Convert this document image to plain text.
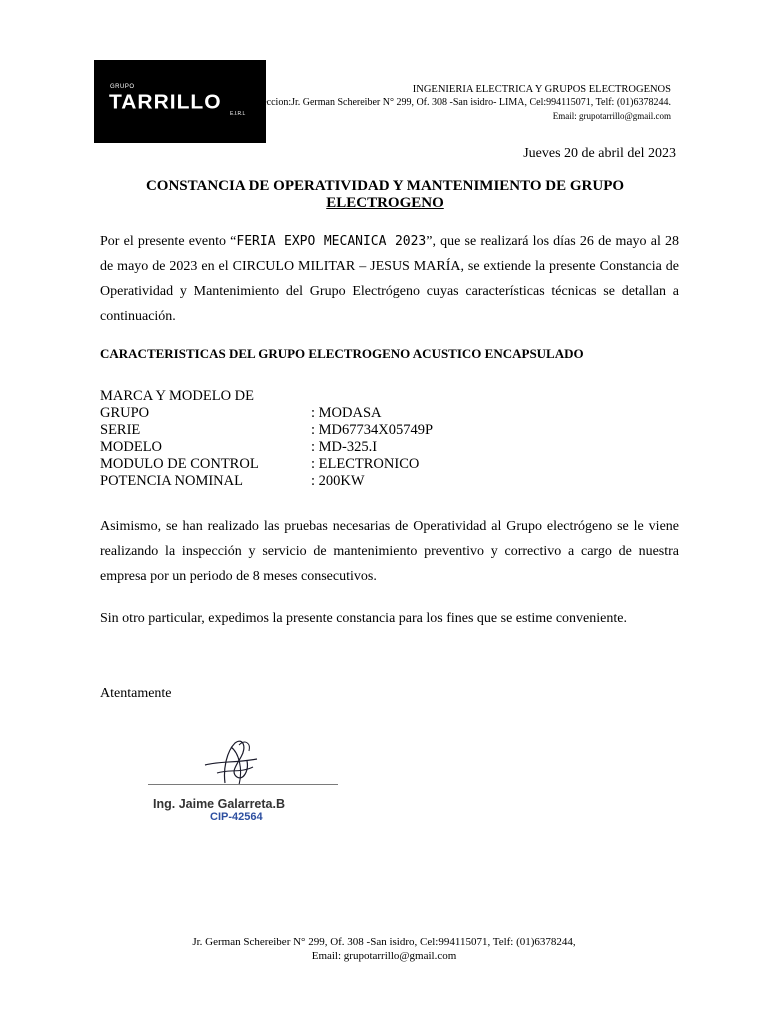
GRUPO
TARRILLO
E.I.R.L
INGENIERIA ELECTRICA Y GRUPOS ELECTROGENOS
Direccion:Jr. German Schereiber N° 299, Of. 308 -San isidro- LIMA, Cel:994115071, Telf: (01)6378244.
Email: grupotarrillo@gmail.com
Jueves 20 de abril del 2023
CONSTANCIA DE OPERATIVIDAD Y MANTENIMIENTO DE GRUPO
ELECTROGENO
Por el presente evento “FERIA EXPO MECANICA 2023”, que se realizará los días 26 de mayo al 28 de mayo de 2023 en el CIRCULO MILITAR – JESUS MARÍA, se extiende la presente Constancia de Operatividad y Mantenimiento del Grupo Electrógeno cuyas características técnicas se detallan a continuación.
CARACTERISTICAS DEL GRUPO ELECTROGENO ACUSTICO ENCAPSULADO
MARCA Y MODELO DE
GRUPO	: MODASA
SERIE	: MD67734X05749P
MODELO	: MD-325.I
MODULO DE CONTROL	: ELECTRONICO
POTENCIA NOMINAL	: 200KW
Asimismo, se han realizado las pruebas necesarias de Operatividad al Grupo electrógeno se le viene realizando la inspección y servicio de mantenimiento preventivo y correctivo a cargo de nuestra empresa por un periodo de 8 meses consecutivos.
Sin otro particular, expedimos la presente constancia para los fines que se estime conveniente.
Atentamente
Ing. Jaime Galarreta.B
CIP-42564
Jr. German Schereiber N° 299, Of. 308 -San isidro, Cel:994115071, Telf: (01)6378244,
Email: grupotarrillo@gmail.com
